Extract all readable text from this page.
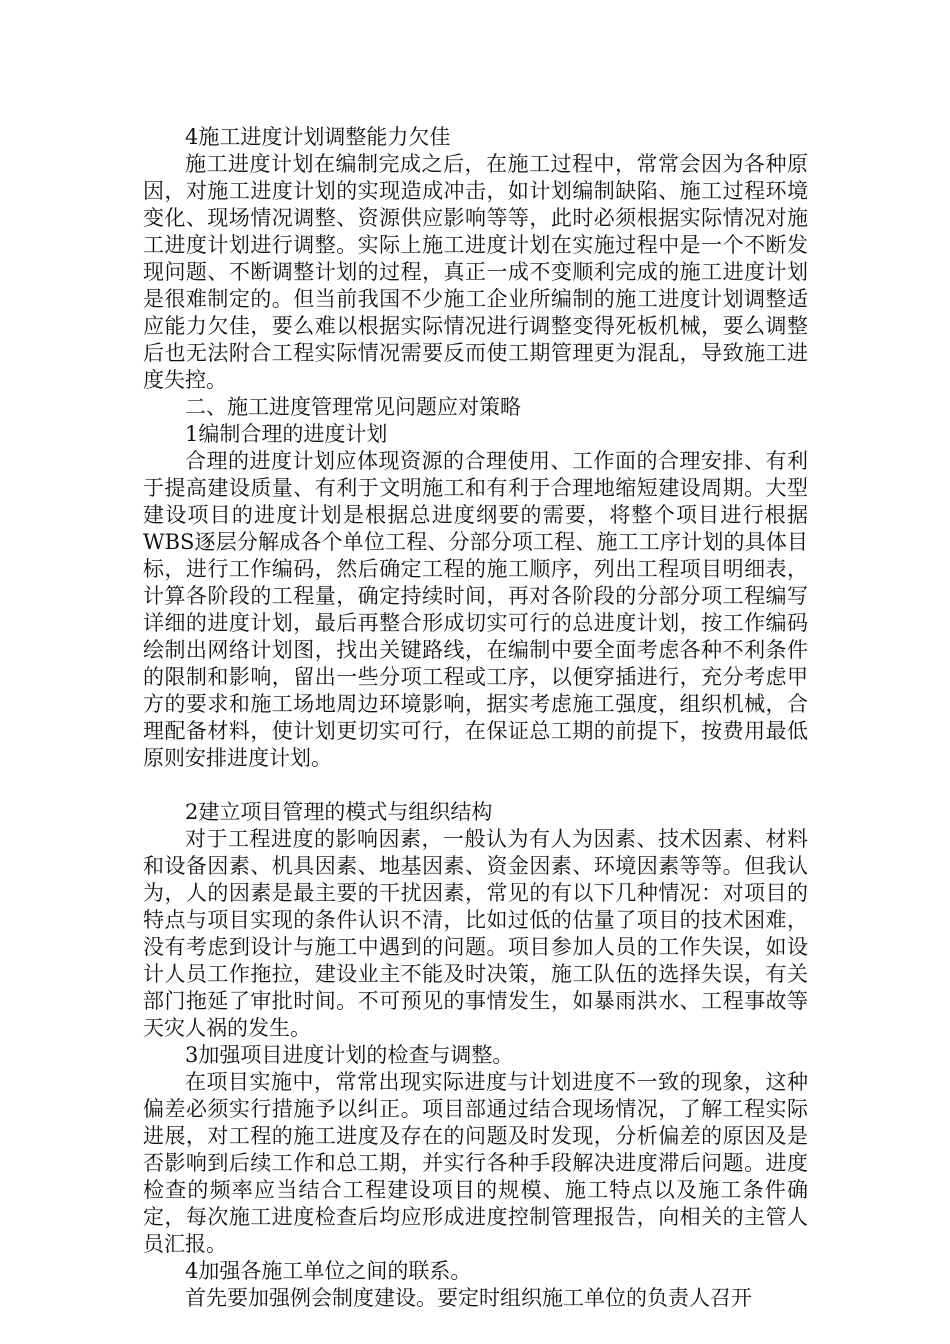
4施工进度计划调整能力欠佳

施工进度计划在编制完成之后，在施工过程中，常常会因为各种原因，对施工进度计划的实现造成冲击，如计划编制缺陷、施工过程环境变化、现场情况调整、资源供应影响等等，此时必须根据实际情况对施工进度计划进行调整。实际上施工进度计划在实施过程中是一个不断发现问题、不断调整计划的过程，真正一成不变顺利完成的施工进度计划是很难制定的。但当前我国不少施工企业所编制的施工进度计划调整适应能力欠佳，要么难以根据实际情况进行调整变得死板机械，要么调整后也无法附合工程实际情况需要反而使工期管理更为混乱，导致施工进度失控。

二、施工进度管理常见问题应对策略

1编制合理的进度计划

合理的进度计划应体现资源的合理使用、工作面的合理安排、有利于提高建设质量、有利于文明施工和有利于合理地缩短建设周期。大型建设项目的进度计划是根据总进度纲要的需要，将整个项目进行根据WBS逐层分解成各个单位工程、分部分项工程、施工工序计划的具体目标，进行工作编码，然后确定工程的施工顺序，列出工程项目明细表，计算各阶段的工程量，确定持续时间，再对各阶段的分部分项工程编写详细的进度计划，最后再整合形成切实可行的总进度计划，按工作编码绘制出网络计划图，找出关键路线，在编制中要全面考虑各种不利条件的限制和影响，留出一些分项工程或工序，以便穿插进行，充分考虑甲方的要求和施工场地周边环境影响，据实考虑施工强度，组织机械，合理配备材料，使计划更切实可行，在保证总工期的前提下，按费用最低原则安排进度计划。

2建立项目管理的模式与组织结构

对于工程进度的影响因素，一般认为有人为因素、技术因素、材料和设备因素、机具因素、地基因素、资金因素、环境因素等等。但我认为，人的因素是最主要的干扰因素，常见的有以下几种情况：对项目的特点与项目实现的条件认识不清，比如过低的估量了项目的技术困难，没有考虑到设计与施工中遇到的问题。项目参加人员的工作失误，如设计人员工作拖拉，建设业主不能及时决策，施工队伍的选择失误，有关部门拖延了审批时间。不可预见的事情发生，如暴雨洪水、工程事故等天灾人祸的发生。

3加强项目进度计划的检查与调整。

在项目实施中，常常出现实际进度与计划进度不一致的现象，这种偏差必须实行措施予以纠正。项目部通过结合现场情况，了解工程实际进展，对工程的施工进度及存在的问题及时发现，分析偏差的原因及是否影响到后续工作和总工期，并实行各种手段解决进度滞后问题。进度检查的频率应当结合工程建设项目的规模、施工特点以及施工条件确定，每次施工进度检查后均应形成进度控制管理报告，向相关的主管人员汇报。

4加强各施工单位之间的联系。

首先要加强例会制度建设。要定时组织施工单位的负责人召开
